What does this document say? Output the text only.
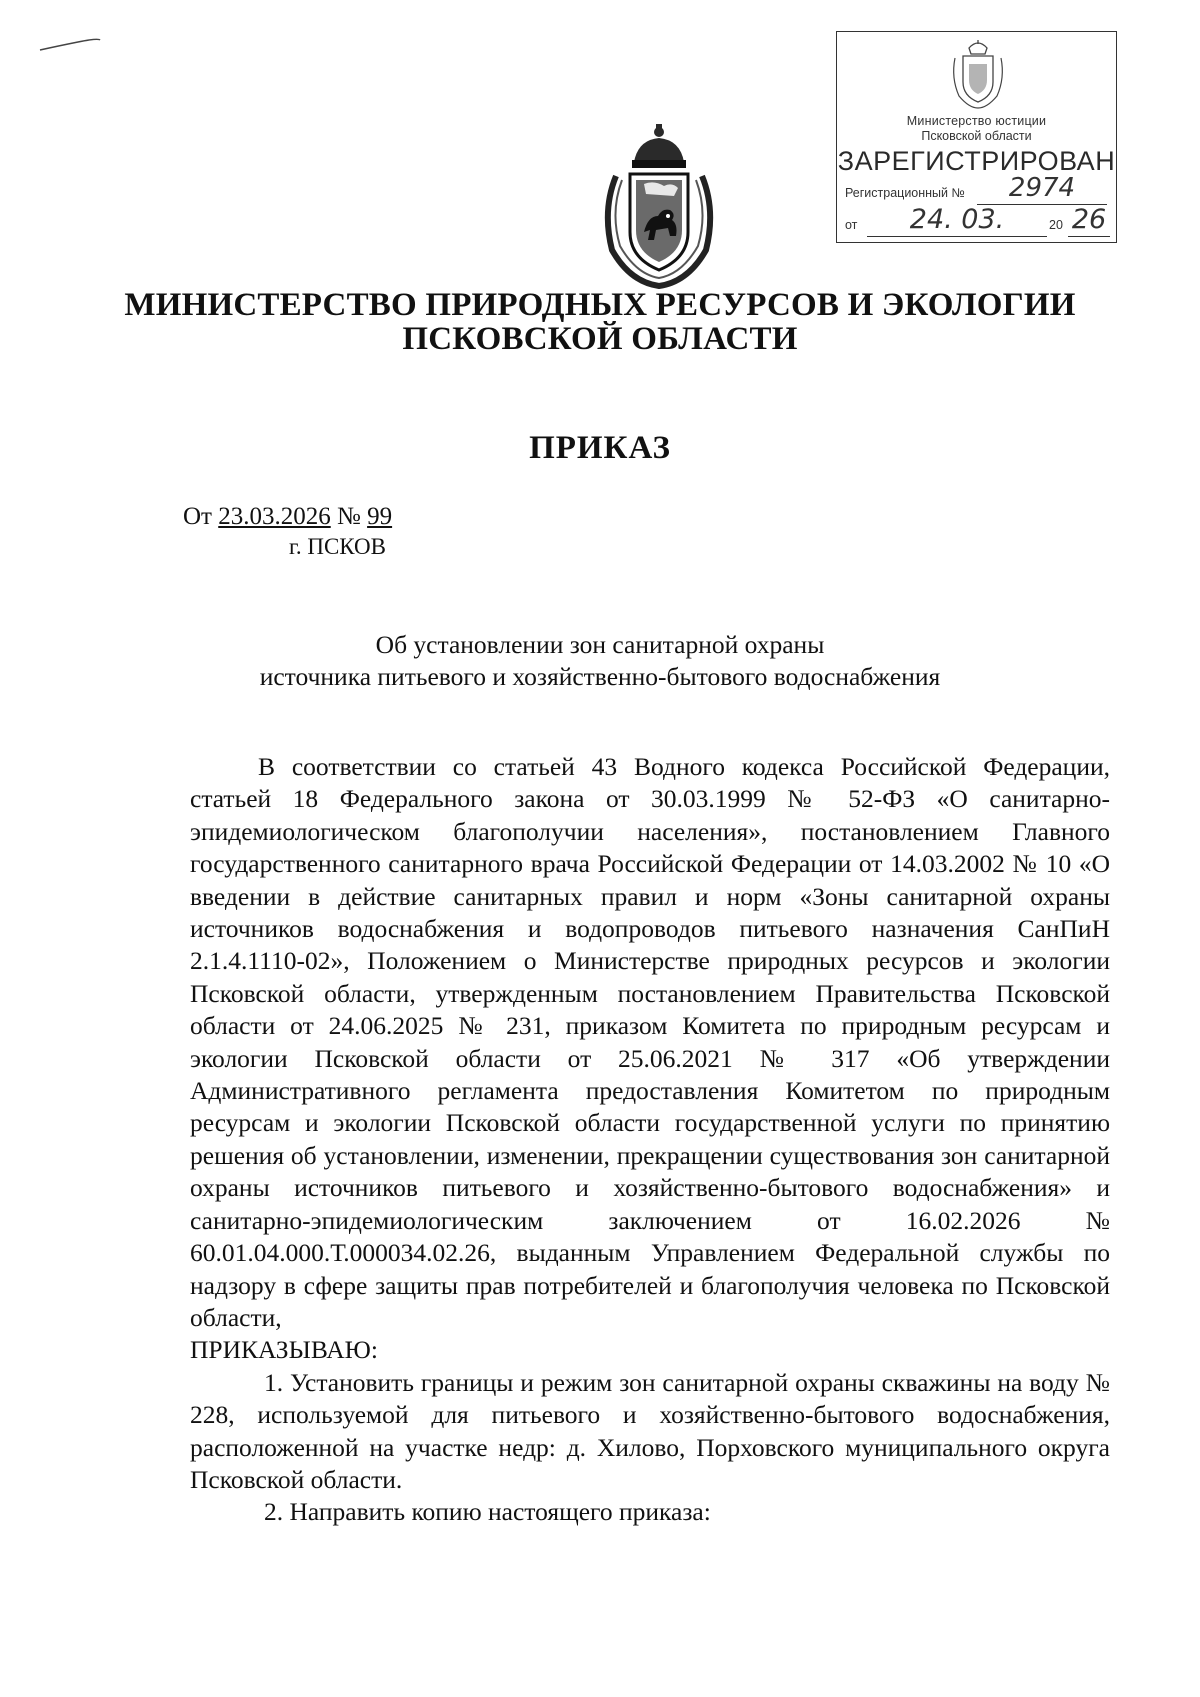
Министерство юстиции
Псковской области
ЗАРЕГИСТРИРОВАН
Регистрационный №	2974
от	24. 03.	20 26
МИНИСТЕРСТВО ПРИРОДНЫХ РЕСУРСОВ И ЭКОЛОГИИ
ПСКОВСКОЙ ОБЛАСТИ
ПРИКАЗ
От 23.03.2026 № 99
г. ПСКОВ
Об установлении зон санитарной охраны
источника питьевого и хозяйственно-бытового водоснабжения

В соответствии со статьей 43 Водного кодекса Российской Федерации, статьей 18 Федерального закона от 30.03.1999 № 52-ФЗ «О санитарно-эпидемиологическом благополучии населения», постановлением Главного государственного санитарного врача Российской Федерации от 14.03.2002 № 10 «О введении в действие санитарных правил и норм «Зоны санитарной охраны источников водоснабжения и водопроводов питьевого назначения СанПиН 2.1.4.1110-02», Положением о Министерстве природных ресурсов и экологии Псковской области, утвержденным постановлением Правительства Псковской области от 24.06.2025 № 231, приказом Комитета по природным ресурсам и экологии Псковской области от 25.06.2021 № 317 «Об утверждении Административного регламента предоставления Комитетом по природным ресурсам и экологии Псковской области государственной услуги по принятию решения об установлении, изменении, прекращении существования зон санитарной охраны источников питьевого и хозяйственно-бытового водоснабжения» и санитарно-эпидемиологическим заключением от 16.02.2026 № 60.01.04.000.Т.000034.02.26, выданным Управлением Федеральной службы по надзору в сфере защиты прав потребителей и благополучия человека по Псковской области,

ПРИКАЗЫВАЮ:

1. Установить границы и режим зон санитарной охраны скважины на воду № 228, используемой для питьевого и хозяйственно-бытового водоснабжения, расположенной на участке недр: д. Хилово, Порховского муниципального округа Псковской области.

2. Направить копию настоящего приказа:
